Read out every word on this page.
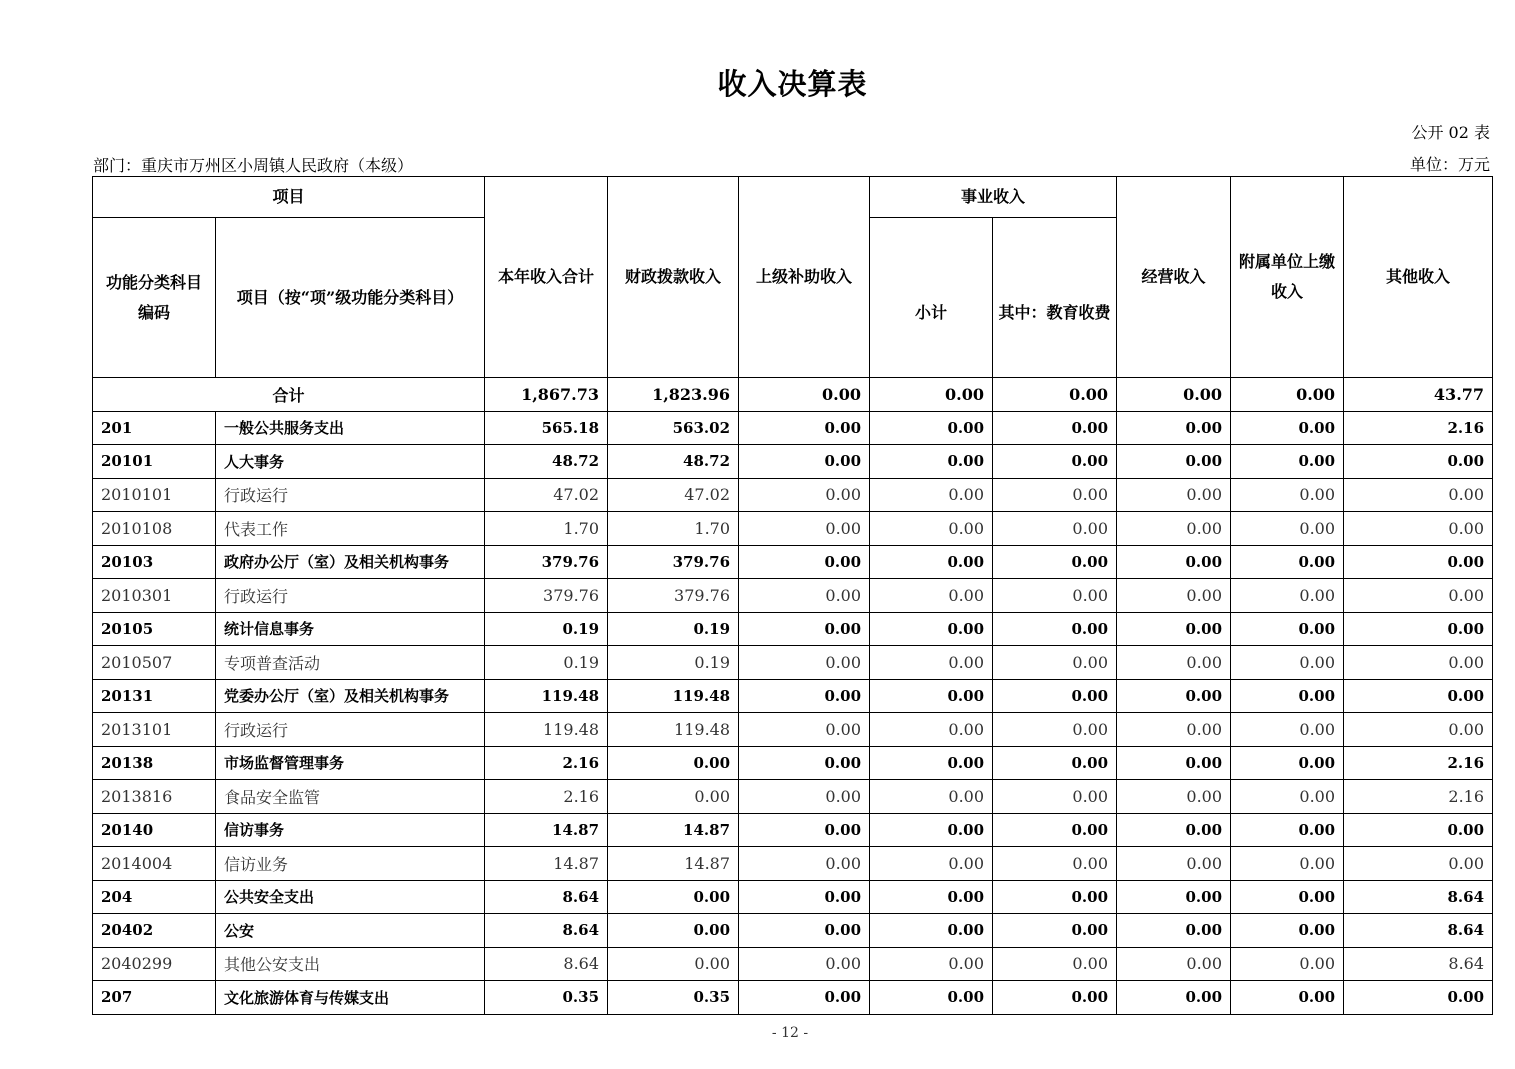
收入决算表
公开 02 表
部门：重庆市万州区小周镇人民政府（本级）	单位：万元
项目		本年收入合计	财政拨款收入	上级补助收入	事业收入		经营收入	附属单位上缴收入	其他收入
功能分类科目编码	项目（按“项”级功能分类科目）				小计	其中：教育收费			
合计		1,867.73	1,823.96	0.00	0.00	0.00	0.00	0.00	43.77
201	一般公共服务支出	565.18	563.02	0.00	0.00	0.00	0.00	0.00	2.16
20101	人大事务	48.72	48.72	0.00	0.00	0.00	0.00	0.00	0.00
2010101	行政运行	47.02	47.02	0.00	0.00	0.00	0.00	0.00	0.00
2010108	代表工作	1.70	1.70	0.00	0.00	0.00	0.00	0.00	0.00
20103	政府办公厅（室）及相关机构事务	379.76	379.76	0.00	0.00	0.00	0.00	0.00	0.00
2010301	行政运行	379.76	379.76	0.00	0.00	0.00	0.00	0.00	0.00
20105	统计信息事务	0.19	0.19	0.00	0.00	0.00	0.00	0.00	0.00
2010507	专项普查活动	0.19	0.19	0.00	0.00	0.00	0.00	0.00	0.00
20131	党委办公厅（室）及相关机构事务	119.48	119.48	0.00	0.00	0.00	0.00	0.00	0.00
2013101	行政运行	119.48	119.48	0.00	0.00	0.00	0.00	0.00	0.00
20138	市场监督管理事务	2.16	0.00	0.00	0.00	0.00	0.00	0.00	2.16
2013816	食品安全监管	2.16	0.00	0.00	0.00	0.00	0.00	0.00	2.16
20140	信访事务	14.87	14.87	0.00	0.00	0.00	0.00	0.00	0.00
2014004	信访业务	14.87	14.87	0.00	0.00	0.00	0.00	0.00	0.00
204	公共安全支出	8.64	0.00	0.00	0.00	0.00	0.00	0.00	8.64
20402	公安	8.64	0.00	0.00	0.00	0.00	0.00	0.00	8.64
2040299	其他公安支出	8.64	0.00	0.00	0.00	0.00	0.00	0.00	8.64
207	文化旅游体育与传媒支出	0.35	0.35	0.00	0.00	0.00	0.00	0.00	0.00
- 12 -
